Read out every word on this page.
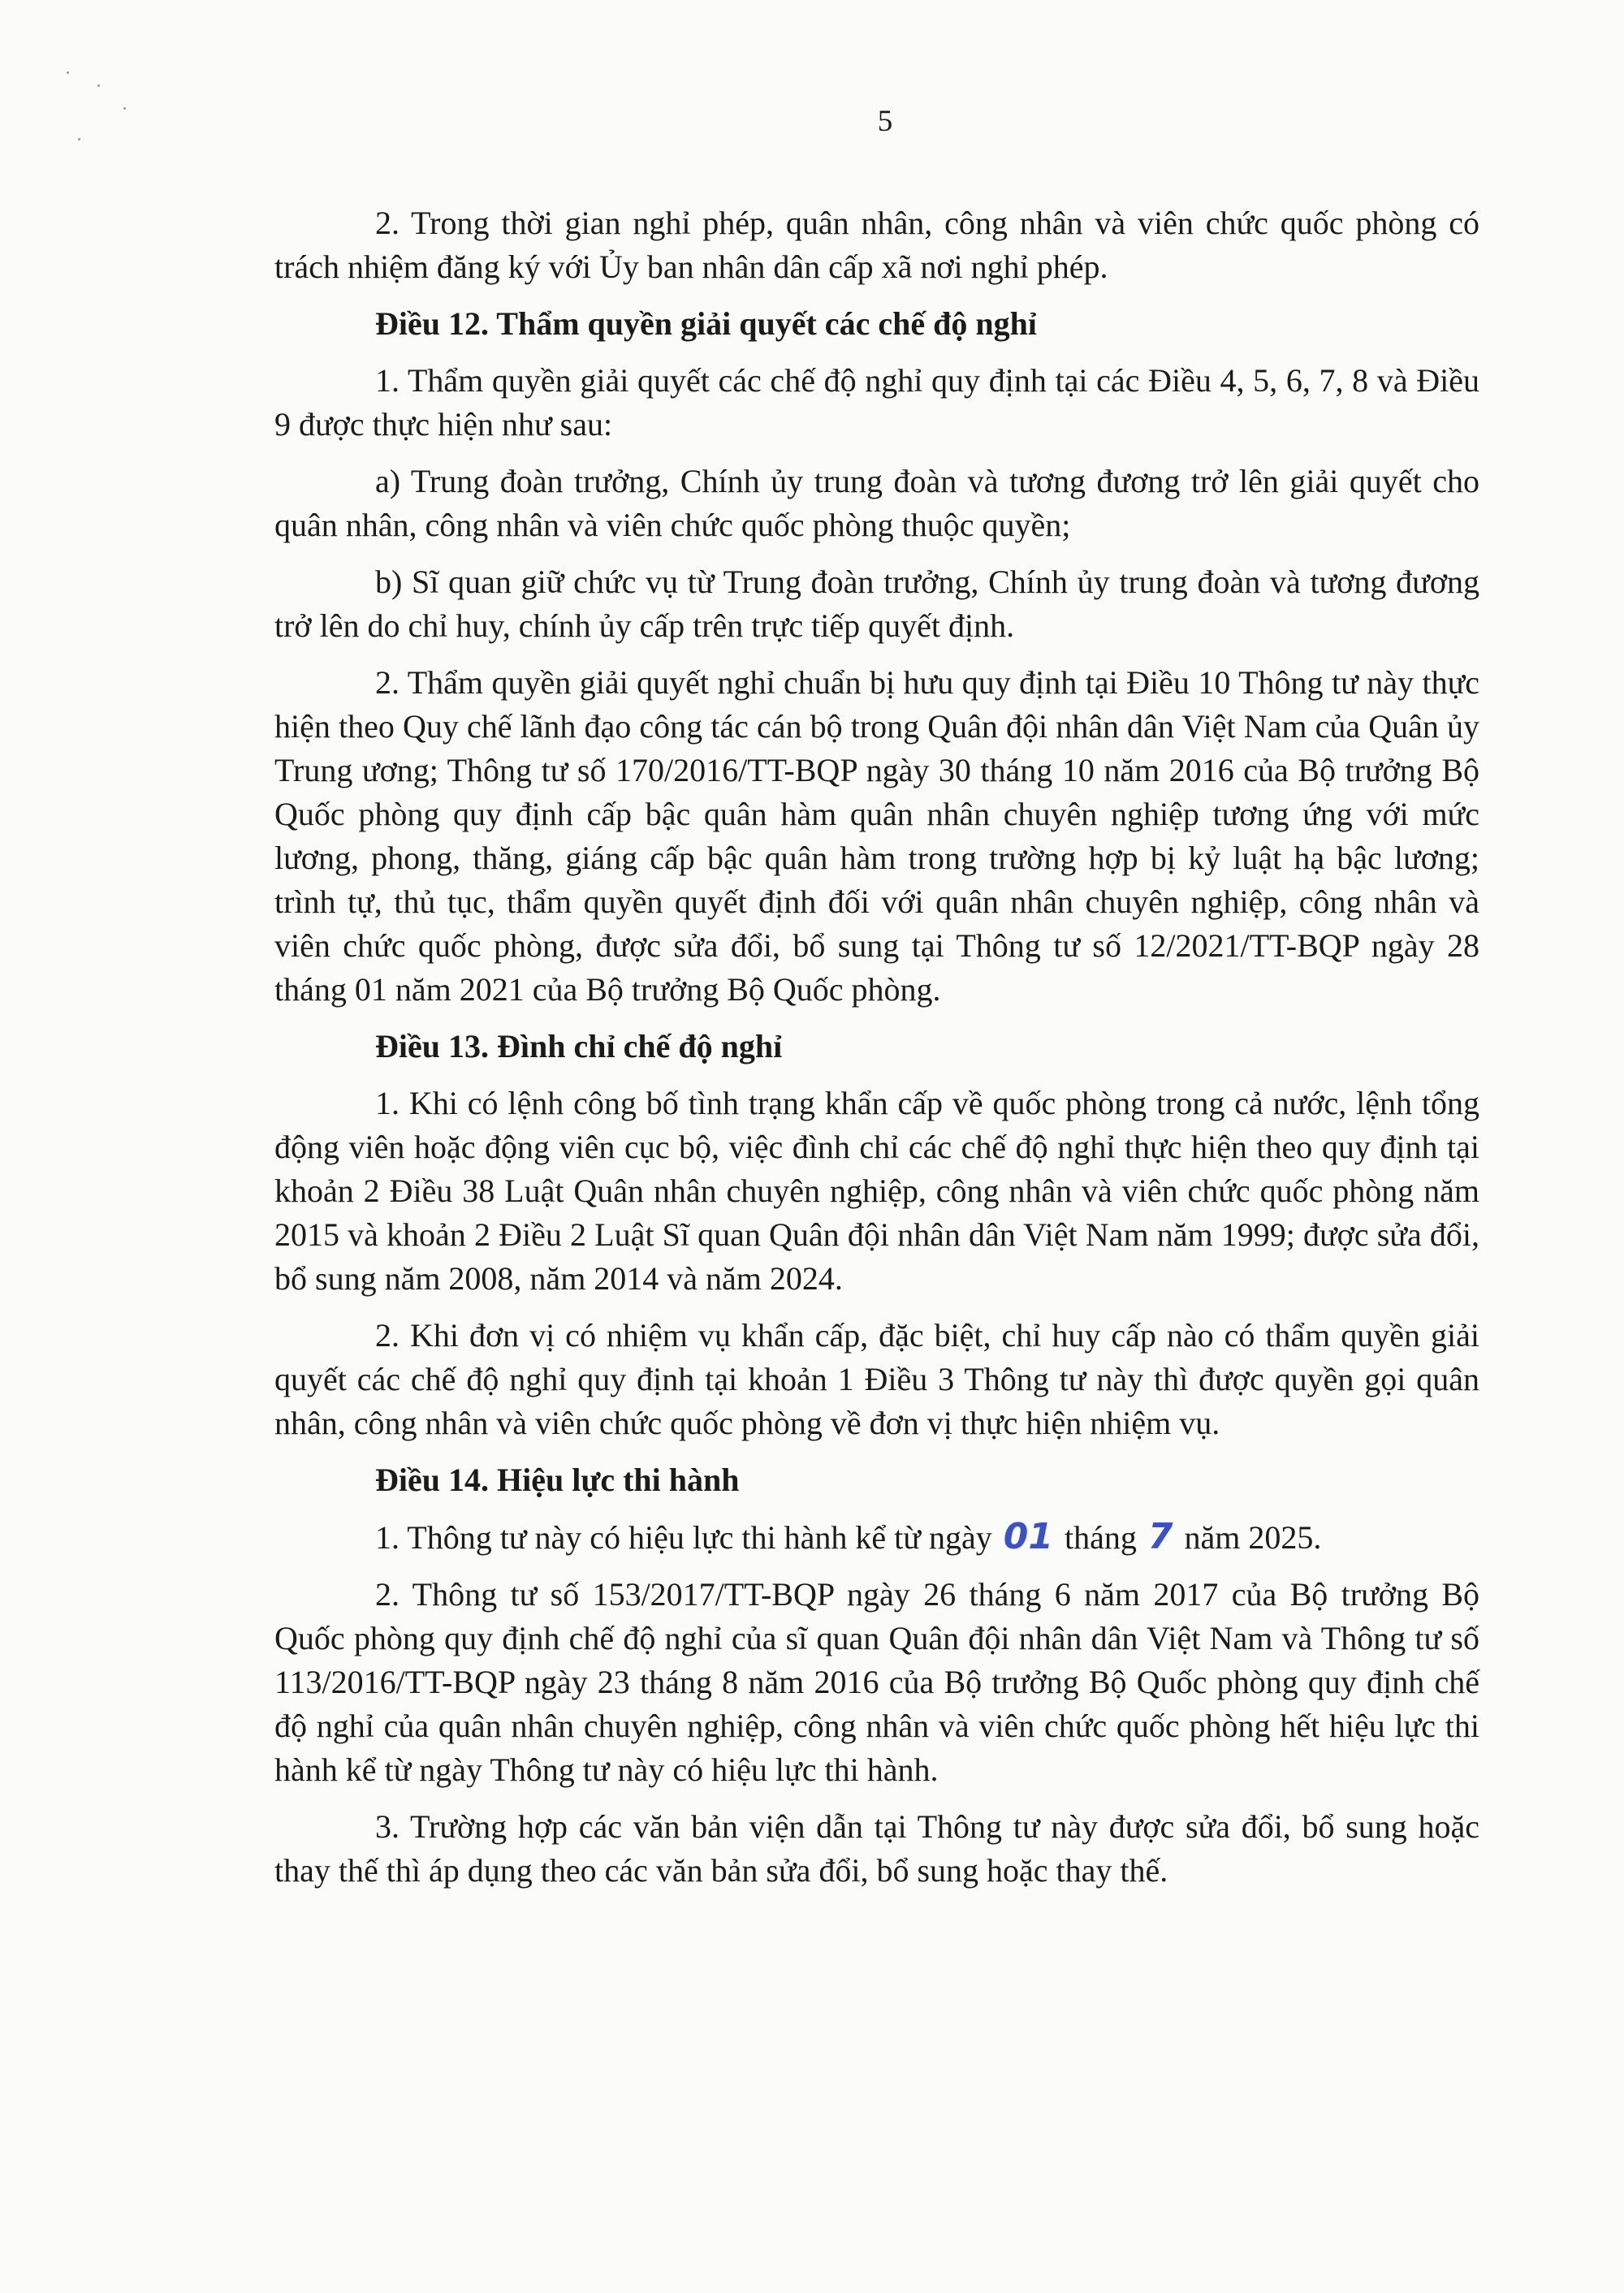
5

2. Trong thời gian nghỉ phép, quân nhân, công nhân và viên chức quốc phòng có trách nhiệm đăng ký với Ủy ban nhân dân cấp xã nơi nghỉ phép.

Điều 12. Thẩm quyền giải quyết các chế độ nghỉ

1. Thẩm quyền giải quyết các chế độ nghỉ quy định tại các Điều 4, 5, 6, 7, 8 và Điều 9 được thực hiện như sau:

a) Trung đoàn trưởng, Chính ủy trung đoàn và tương đương trở lên giải quyết cho quân nhân, công nhân và viên chức quốc phòng thuộc quyền;

b) Sĩ quan giữ chức vụ từ Trung đoàn trưởng, Chính ủy trung đoàn và tương đương trở lên do chỉ huy, chính ủy cấp trên trực tiếp quyết định.

2. Thẩm quyền giải quyết nghỉ chuẩn bị hưu quy định tại Điều 10 Thông tư này thực hiện theo Quy chế lãnh đạo công tác cán bộ trong Quân đội nhân dân Việt Nam của Quân ủy Trung ương; Thông tư số 170/2016/TT-BQP ngày 30 tháng 10 năm 2016 của Bộ trưởng Bộ Quốc phòng quy định cấp bậc quân hàm quân nhân chuyên nghiệp tương ứng với mức lương, phong, thăng, giáng cấp bậc quân hàm trong trường hợp bị kỷ luật hạ bậc lương; trình tự, thủ tục, thẩm quyền quyết định đối với quân nhân chuyên nghiệp, công nhân và viên chức quốc phòng, được sửa đổi, bổ sung tại Thông tư số 12/2021/TT-BQP ngày 28 tháng 01 năm 2021 của Bộ trưởng Bộ Quốc phòng.

Điều 13. Đình chỉ chế độ nghỉ

1. Khi có lệnh công bố tình trạng khẩn cấp về quốc phòng trong cả nước, lệnh tổng động viên hoặc động viên cục bộ, việc đình chỉ các chế độ nghỉ thực hiện theo quy định tại khoản 2 Điều 38 Luật Quân nhân chuyên nghiệp, công nhân và viên chức quốc phòng năm 2015 và khoản 2 Điều 2 Luật Sĩ quan Quân đội nhân dân Việt Nam năm 1999; được sửa đổi, bổ sung năm 2008, năm 2014 và năm 2024.

2. Khi đơn vị có nhiệm vụ khẩn cấp, đặc biệt, chỉ huy cấp nào có thẩm quyền giải quyết các chế độ nghỉ quy định tại khoản 1 Điều 3 Thông tư này thì được quyền gọi quân nhân, công nhân và viên chức quốc phòng về đơn vị thực hiện nhiệm vụ.

Điều 14. Hiệu lực thi hành

1. Thông tư này có hiệu lực thi hành kể từ ngày 01 tháng 7 năm 2025.

2. Thông tư số 153/2017/TT-BQP ngày 26 tháng 6 năm 2017 của Bộ trưởng Bộ Quốc phòng quy định chế độ nghỉ của sĩ quan Quân đội nhân dân Việt Nam và Thông tư số 113/2016/TT-BQP ngày 23 tháng 8 năm 2016 của Bộ trưởng Bộ Quốc phòng quy định chế độ nghỉ của quân nhân chuyên nghiệp, công nhân và viên chức quốc phòng hết hiệu lực thi hành kể từ ngày Thông tư này có hiệu lực thi hành.

3. Trường hợp các văn bản viện dẫn tại Thông tư này được sửa đổi, bổ sung hoặc thay thế thì áp dụng theo các văn bản sửa đổi, bổ sung hoặc thay thế.
